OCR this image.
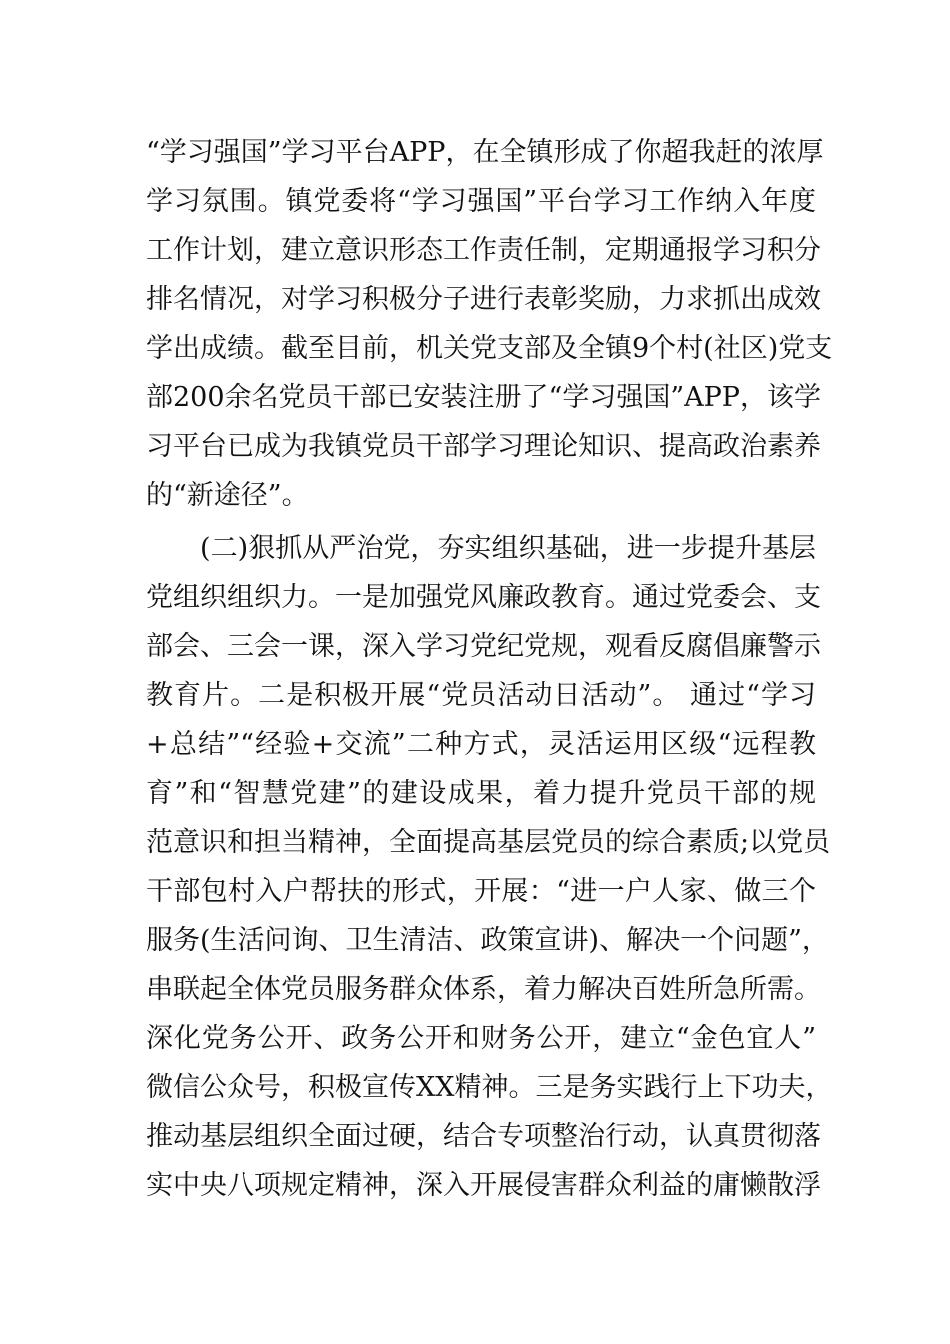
“学习强国”学习平台APP，在全镇形成了你超我赶的浓厚
学习氛围。镇党委将“学习强国”平台学习工作纳入年度
工作计划，建立意识形态工作责任制，定期通报学习积分
排名情况，对学习积极分子进行表彰奖励，力求抓出成效
学出成绩。截至目前，机关党支部及全镇9个村(社区)党支
部200余名党员干部已安装注册了“学习强国”APP，该学
习平台已成为我镇党员干部学习理论知识、提高政治素养
的“新途径”。
(二)狠抓从严治党，夯实组织基础，进一步提升基层
党组织组织力。一是加强党风廉政教育。通过党委会、支
部会、三会一课，深入学习党纪党规，观看反腐倡廉警示
教育片。二是积极开展“党员活动日活动”。 通过“学习
+总结”“经验+交流”二种方式，灵活运用区级“远程教
育”和“智慧党建”的建设成果，着力提升党员干部的规
范意识和担当精神，全面提高基层党员的综合素质;以党员
干部包村入户帮扶的形式，开展：“进一户人家、做三个
服务(生活问询、卫生清洁、政策宣讲)、解决一个问题”，
串联起全体党员服务群众体系，着力解决百姓所急所需。
深化党务公开、政务公开和财务公开，建立“金色宜人”
微信公众号，积极宣传XX精神。三是务实践行上下功夫，
推动基层组织全面过硬，结合专项整治行动，认真贯彻落
实中央八项规定精神，深入开展侵害群众利益的庸懒散浮
